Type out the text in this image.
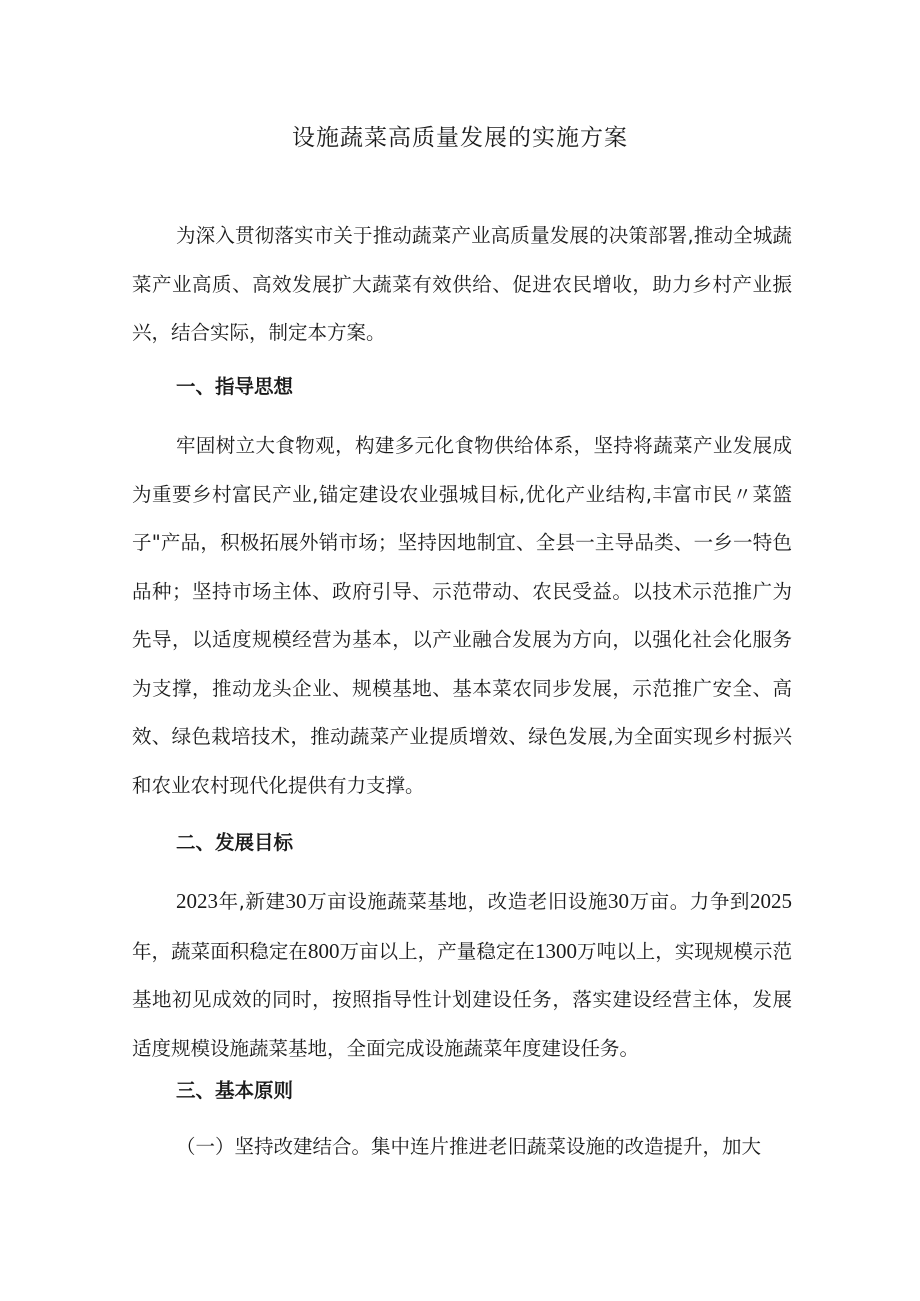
设施蔬菜高质量发展的实施方案

为深入贯彻落实市关于推动蔬菜产业高质量发展的决策部署,推动全城蔬菜产业高质、高效发展扩大蔬菜有效供给、促进农民增收，助力乡村产业振兴，结合实际，制定本方案。

一、指导思想

牢固树立大食物观，构建多元化食物供给体系，坚持将蔬菜产业发展成为重要乡村富民产业,锚定建设农业强城目标,优化产业结构,丰富市民〃菜篮子"产品，积极拓展外销市场；坚持因地制宜、全县一主导品类、一乡一特色品种；坚持市场主体、政府引导、示范带动、农民受益。以技术示范推广为先导，以适度规模经营为基本，以产业融合发展为方向，以强化社会化服务为支撑，推动龙头企业、规模基地、基本菜农同步发展，示范推广安全、高效、绿色栽培技术，推动蔬菜产业提质增效、绿色发展,为全面实现乡村振兴和农业农村现代化提供有力支撑。

二、发展目标

2023年,新建30万亩设施蔬菜基地，改造老旧设施30万亩。力争到2025年，蔬菜面积稳定在800万亩以上，产量稳定在1300万吨以上，实现规模示范基地初见成效的同时，按照指导性计划建设任务，落实建设经营主体，发展适度规模设施蔬菜基地，全面完成设施蔬菜年度建设任务。

三、基本原则

（一）坚持改建结合。集中连片推进老旧蔬菜设施的改造提升，加大
